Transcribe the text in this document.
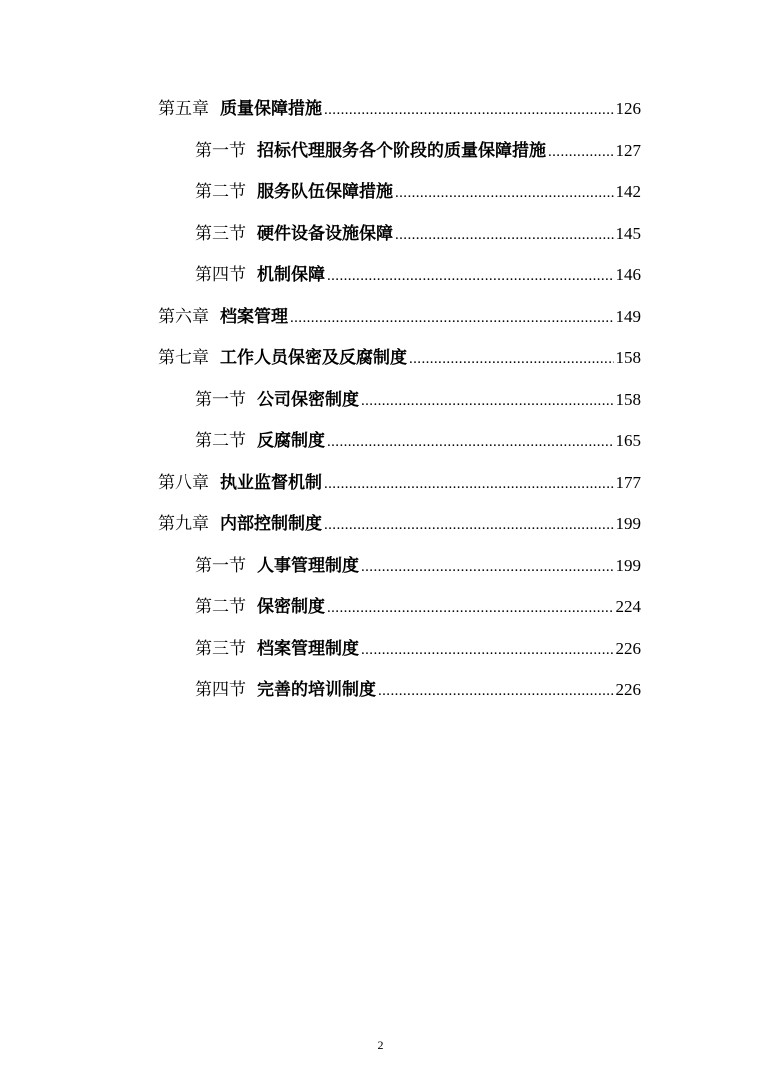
第五章 质量保障措施 .....	126
第一节 招标代理服务各个阶段的质量保障措施 .....	127
第二节 服务队伍保障措施 .....	142
第三节 硬件设备设施保障 .....	145
第四节 机制保障 .....	146
第六章 档案管理 .....	149
第七章 工作人员保密及反腐制度 .....	158
第一节 公司保密制度 .....	158
第二节 反腐制度 .....	165
第八章 执业监督机制 .....	177
第九章 内部控制制度 .....	199
第一节 人事管理制度 .....	199
第二节 保密制度 .....	224
第三节 档案管理制度 .....	226
第四节 完善的培训制度 .....	226
2
